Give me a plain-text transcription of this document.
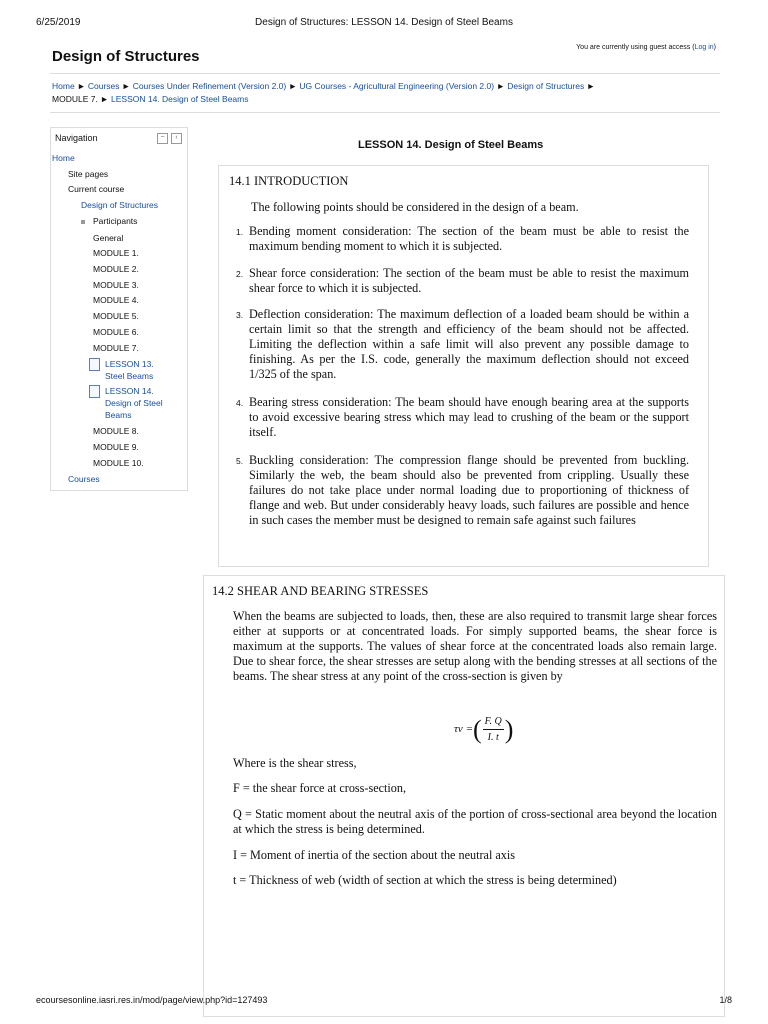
6/25/2019	Design of Structures: LESSON 14. Design of Steel Beams
Design of Structures
You are currently using guest access (Log in)
Home ► Courses ► Courses Under Refinement (Version 2.0) ► UG Courses - Agricultural Engineering (Version 2.0) ► Design of Structures ►
MODULE 7. ► LESSON 14. Design of Steel Beams
Navigation	−	‹
Home
Site pages
Current course
Design of Structures
Participants
General
MODULE 1.
MODULE 2.
MODULE 3.
MODULE 4.
MODULE 5.
MODULE 6.
MODULE 7.
LESSON 13.
Steel Beams
LESSON 14.
Design of Steel
Beams
MODULE 8.
MODULE 9.
MODULE 10.
Courses
LESSON 14. Design of Steel Beams
14.1 INTRODUCTION
The following points should be considered in the design of a beam.
1. Bending moment consideration: The section of the beam must be able to resist the maximum bending moment to which it is subjected.
2. Shear force consideration: The section of the beam must be able to resist the maximum shear force to which it is subjected.
3. Deflection consideration: The maximum deflection of a loaded beam should be within a certain limit so that the strength and efficiency of the beam should not be affected. Limiting the deflection within a safe limit will also prevent any possible damage to finishing. As per the I.S. code, generally the maximum deflection should not exceed 1/325 of the span.
4. Bearing stress consideration: The beam should have enough bearing area at the supports to avoid excessive bearing stress which may lead to crushing of the beam or the support itself.
5. Buckling consideration: The compression flange should be prevented from buckling. Similarly the web, the beam should also be prevented from crippling. Usually these failures do not take place under normal loading due to proportioning of thickness of flange and web. But under considerably heavy loads, such failures are possible and hence in such cases the member must be designed to remain safe against such failures
14.2 SHEAR AND BEARING STRESSES
When the beams are subjected to loads, then, these are also required to transmit large shear forces either at supports or at concentrated loads. For simply supported beams, the shear force is maximum at the supports. The values of shear force at the concentrated loads also remain large. Due to shear force, the shear stresses are setup along with the bending stresses at all sections of the beams. The shear stress at any point of the cross-section is given by
τv = ( $\frac{F. Q}{I. t}$ )
Where is the shear stress,
F = the shear force at cross-section,
Q = Static moment about the neutral axis of the portion of cross-sectional area beyond the location at which the stress is being determined.
I = Moment of inertia of the section about the neutral axis
t = Thickness of web (width of section at which the stress is being determined)
ecoursesonline.iasri.res.in/mod/page/view.php?id=127493	1/8
